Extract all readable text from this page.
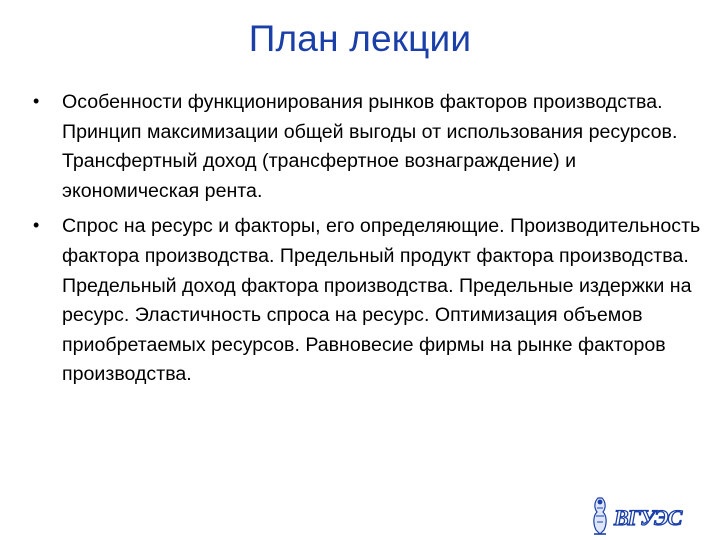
План лекции
• Особенности функционирования рынков факторов производства. Принцип максимизации общей выгоды от использования ресурсов. Трансфертный доход (трансфертное вознаграждение) и экономическая рента.
• Спрос на ресурс и факторы, его определяющие. Производительность фактора производства. Предельный продукт фактора производства. Предельный доход фактора производства. Предельные издержки на ресурс. Эластичность спроса на ресурс. Оптимизация объемов приобретаемых ресурсов. Равновесие фирмы на рынке факторов производства.
ВГУЭС
